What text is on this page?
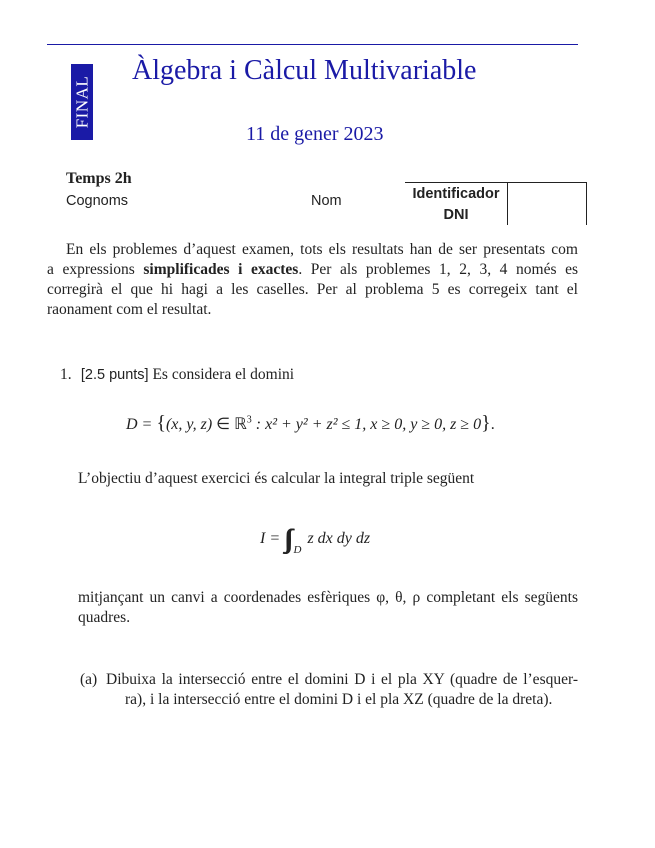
FINAL
Àlgebra i Càlcul Multivariable
11 de gener 2023
Temps 2h
Cognoms	Nom	Identificador	
DNI	
En els problemes d’aquest examen, tots els resultats han de ser presentats com
a expressions simplificades i exactes. Per als problemes 1, 2, 3, 4 només es
corregirà el que hi hagi a les caselles. Per al problema 5 es corregeix tant el
raonament com el resultat.
1. [2.5 punts] Es considera el domini
D = {(x, y, z) ∈ ℝ$^3$ : x² + y² + z² ≤ 1, x ≥ 0, y ≥ 0, z ≥ 0}.
L’objectiu d’aquest exercici és calcular la integral triple següent
I = ∫∫∫ $_D$ z dx dy dz
mitjançant un canvi a coordenades esfèriques φ, θ, ρ completant els següents
quadres.
(a) Dibuixa la intersecció entre el domini D i el pla XY (quadre de l’esquer-
ra), i la intersecció entre el domini D i el pla XZ (quadre de la dreta).
